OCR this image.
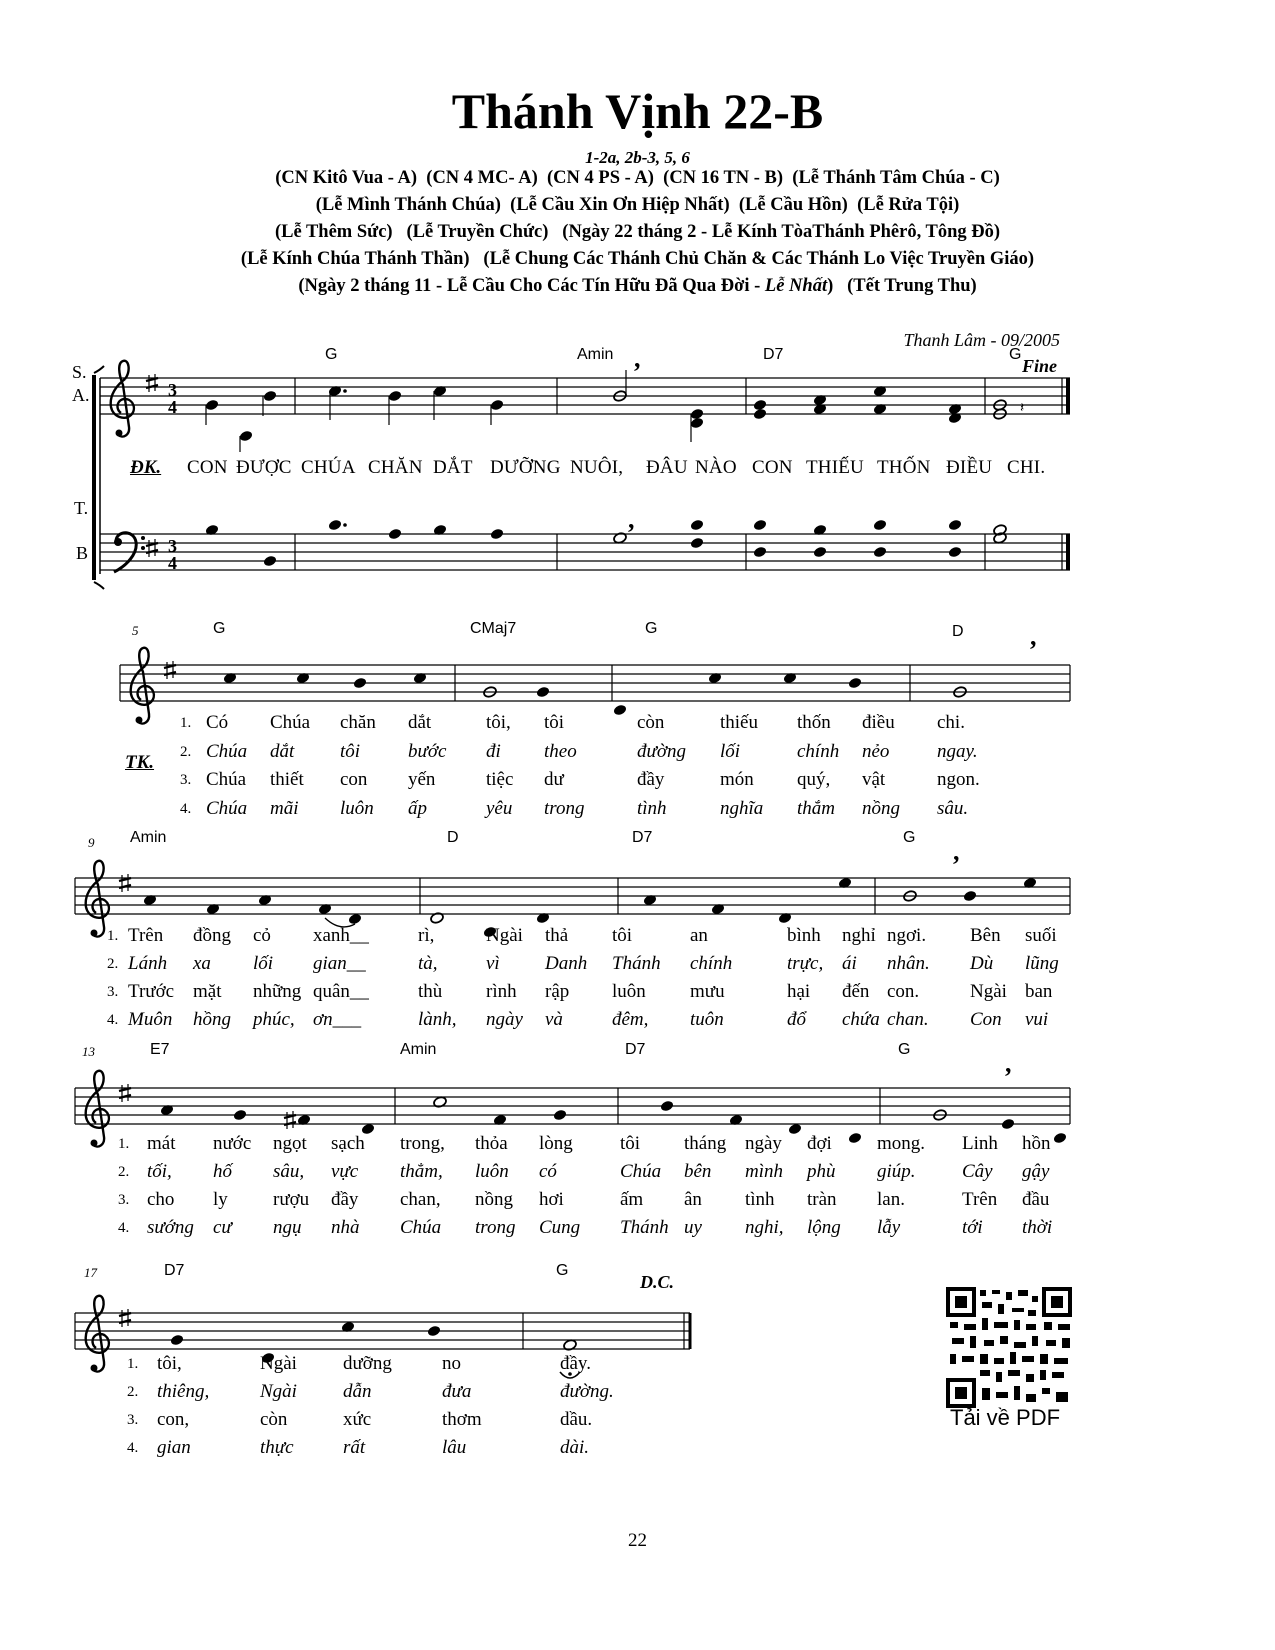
Thánh Vịnh 22-B
1-2a, 2b-3, 5, 6
(CN Kitô Vua - A)  (CN 4 MC- A)  (CN 4 PS - A)  (CN 16 TN - B)  (Lễ Thánh Tâm Chúa - C)
(Lễ Mình Thánh Chúa)  (Lễ Cầu Xin Ơn Hiệp Nhất)  (Lễ Cầu Hồn)  (Lễ Rửa Tội)
(Lễ Thêm Sức)   (Lễ Truyền Chức)   (Ngày 22 tháng 2 - Lễ Kính TòaThánh Phêrô, Tông Đồ)
(Lễ Kính Chúa Thánh Thần)   (Lễ Chung Các Thánh Chủ Chăn & Các Thánh Lo Việc Truyền Giáo)
(Ngày 2 tháng 11 - Lễ Cầu Cho Các Tín Hữu Đã Qua Đời - Lễ Nhất)   (Tết Trung Thu)
Thanh Lâm - 09/2005
3
4	𝄽
3
4
,
,
,
,
,
S.
A.
T.
B
G	Amin	D7	G
Fine
ĐK. CON ĐƯỢC CHÚA CHĂN DẮT DƯỠNG NUÔI, ĐÂU NÀO CON THIẾU THỐN ĐIỀU CHI.
5	G	CMaj7	G	D
TK.
1. Có Chúa chăn dắt	tôi, tôi	còn	thiếu thốn điều chi.
2. Chúa dắt tôi	bước đi theo	đường lối	chính nẻo	ngay.
3. Chúa thiết con yến	tiệc dư	đầy	món quý, vật	ngon.
4. Chúa mãi luôn ấp	yêu trong	tình	nghĩa thắm nồng sâu.
1. Trên đồng cỏ xanh__	rì,	Ngài thả tôi	an	bình nghỉ ngơi. Bên suối
2. Lánh xa lối gian__	tà,	vì Danh Thánh chính	trực, ái nhân. Dù lũng
3. Trước mặt những quân__	thù rình rập luôn mưu	hại đến con.	Ngài ban
4. Muôn hồng phúc, ơn___	lành, ngày và	đêm, tuôn	đổ chứa chan. Con vui
1. mát nước ngọt sạch trong, thỏa lòng tôi tháng ngày đợi mong. Linh hồn
2. tối, hố sâu, vực thẳm, luôn có	Chúa bên mình phù giúp. Cây gậy
3. cho ly rượu đầy chan, nồng hơi	ấm ân tình tràn lan.	Trên đầu
4. sướng cư ngụ nhà Chúa trong Cung Thánh uy nghi, lộng lẫy	tới thời
1. tôi,	Ngài dưỡng	no	đầy.
2. thiêng,	Ngài dẫn	đưa	đường.
3. con,	còn	xức	thơm	dầu.
4. gian	thực	rất	lâu	dài.
9 Amin	D	D7	G
13	E7	Amin	D7	G
17	D7	G
D.C.
Tải về PDF
22
